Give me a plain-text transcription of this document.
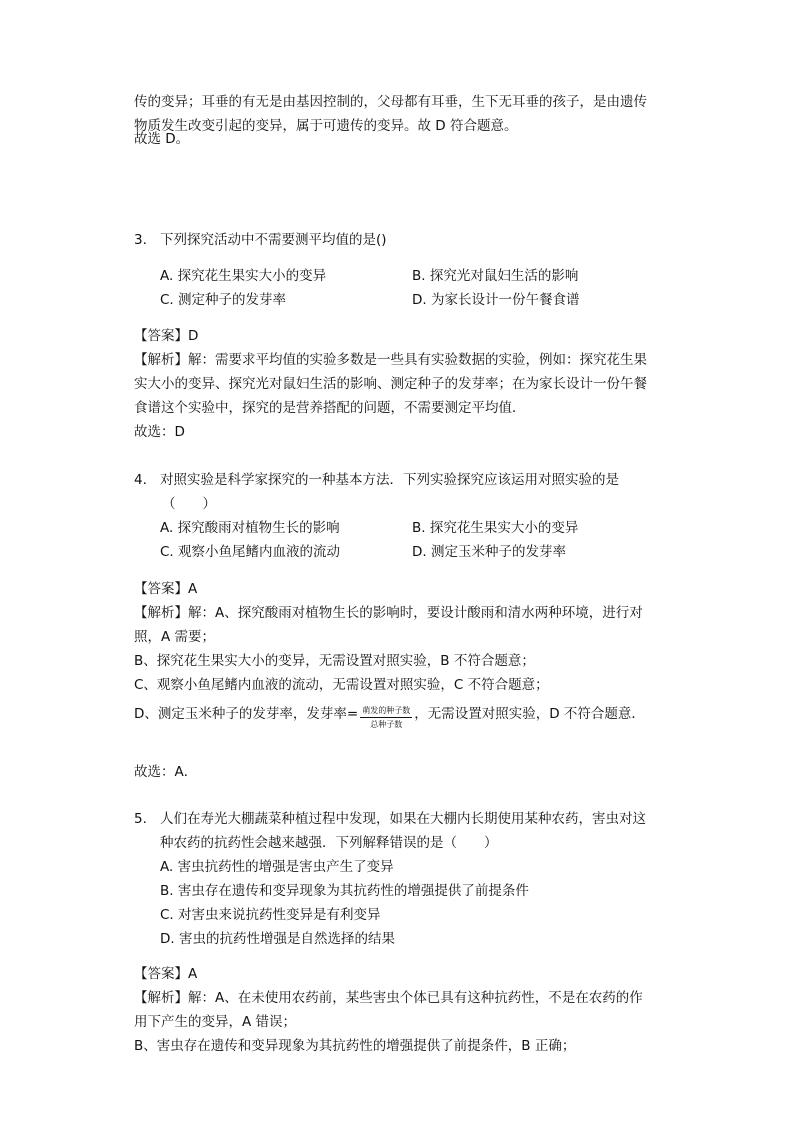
传的变异；耳垂的有无是由基因控制的，父母都有耳垂，生下无耳垂的孩子，是由遗传
物质发生改变引起的变异，属于可遗传的变异。故 D 符合题意。
故选 D。
3. 下列探究活动中不需要测平均值的是()
A. 探究花生果实大小的变异	B. 探究光对鼠妇生活的影响
C. 测定种子的发芽率	D. 为家长设计一份午餐食谱
【答案】D
【解析】解：需要求平均值的实验多数是一些具有实验数据的实验，例如：探究花生果
实大小的变异、探究光对鼠妇生活的影响、测定种子的发芽率；在为家长设计一份午餐
食谱这个实验中，探究的是营养搭配的问题，不需要测定平均值．
故选：D
4. 对照实验是科学家探究的一种基本方法．下列实验探究应该运用对照实验的是
（　　）
A. 探究酸雨对植物生长的影响	B. 探究花生果实大小的变异
C. 观察小鱼尾鳍内血液的流动	D. 测定玉米种子的发芽率
【答案】A
【解析】解：A、探究酸雨对植物生长的影响时，要设计酸雨和清水两种环境，进行对
照，A 需要；
B、探究花生果实大小的变异，无需设置对照实验，B 不符合题意；
C、观察小鱼尾鳍内血液的流动，无需设置对照实验，C 不符合题意；
D、测定玉米种子的发芽率，发芽率= $\frac{\text{萌发的种子数}}{\text{总种子数}}$ ，无需设置对照实验，D 不符合题意．
故选：A．
5. 人们在寿光大棚蔬菜种植过程中发现，如果在大棚内长期使用某种农药，害虫对这
种农药的抗药性会越来越强．下列解释错误的是（　　）
A. 害虫抗药性的增强是害虫产生了变异
B. 害虫存在遗传和变异现象为其抗药性的增强提供了前提条件
C. 对害虫来说抗药性变异是有利变异
D. 害虫的抗药性增强是自然选择的结果
【答案】A
【解析】解：A、在未使用农药前，某些害虫个体已具有这种抗药性，不是在农药的作
用下产生的变异，A 错误；
B、害虫存在遗传和变异现象为其抗药性的增强提供了前提条件，B 正确；
